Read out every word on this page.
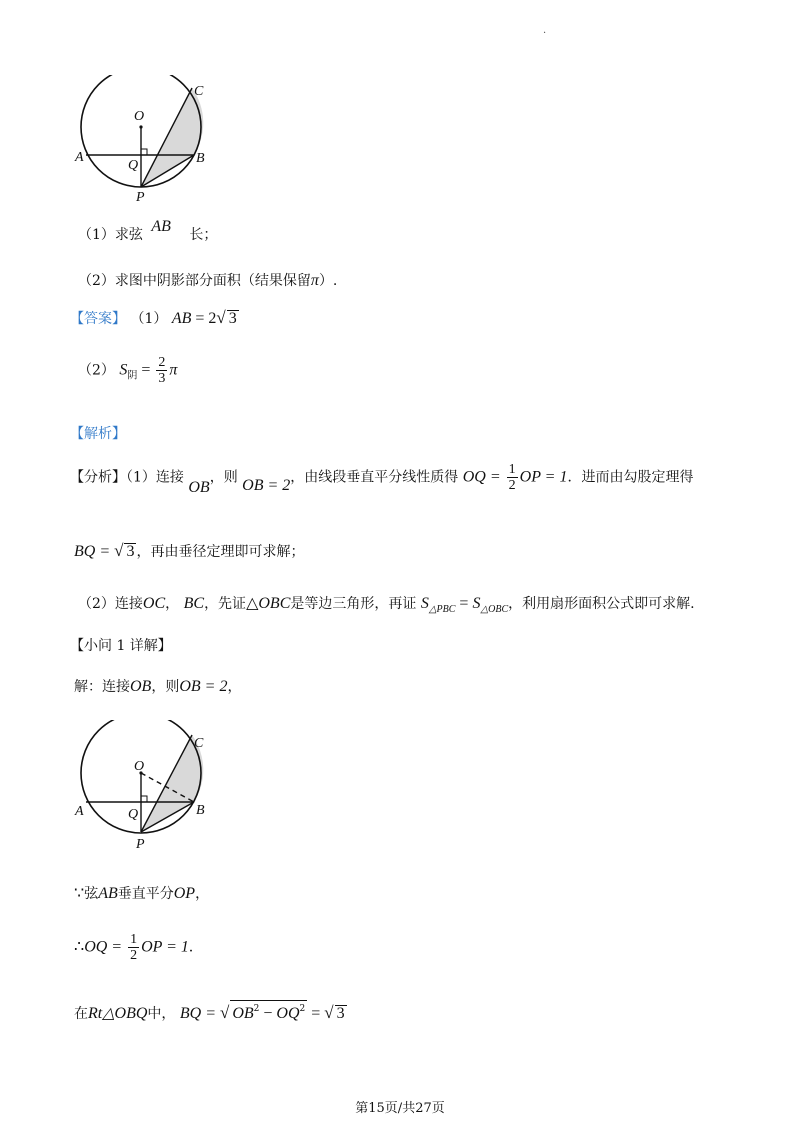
·
O
C
A
Q	B
P
（1）求弦 AB 长；
（2）求图中阴影部分面积（结果保留π）.
【答案】 （1） AB = 2√ 3
（2） $S_阴 = \frac{2}{3}$ π
【解析】
【分析】（1）连接 OB，则 OB = 2，由线段垂直平分线性质得 OQ = $\frac{1}{2}$ OP = 1．进而由勾股定理得
BQ = √ 3 ，再由垂径定理即可求解；
（2）连接OC， BC，先证△OBC是等边三角形，再证 $S_{\triangle PBC} = S_{\triangle OBC}$，利用扇形面积公式即可求解.
【小问 1 详解】
解：连接OB，则OB = 2，
O
C
A	Q	B
P
∵弦AB垂直平分OP，
∴OQ = $\frac{1}{2}$ OP = 1.
在Rt△OBQ中， BQ = √ $OB^2 - OQ^2$ = √ 3
第15页/共27页
